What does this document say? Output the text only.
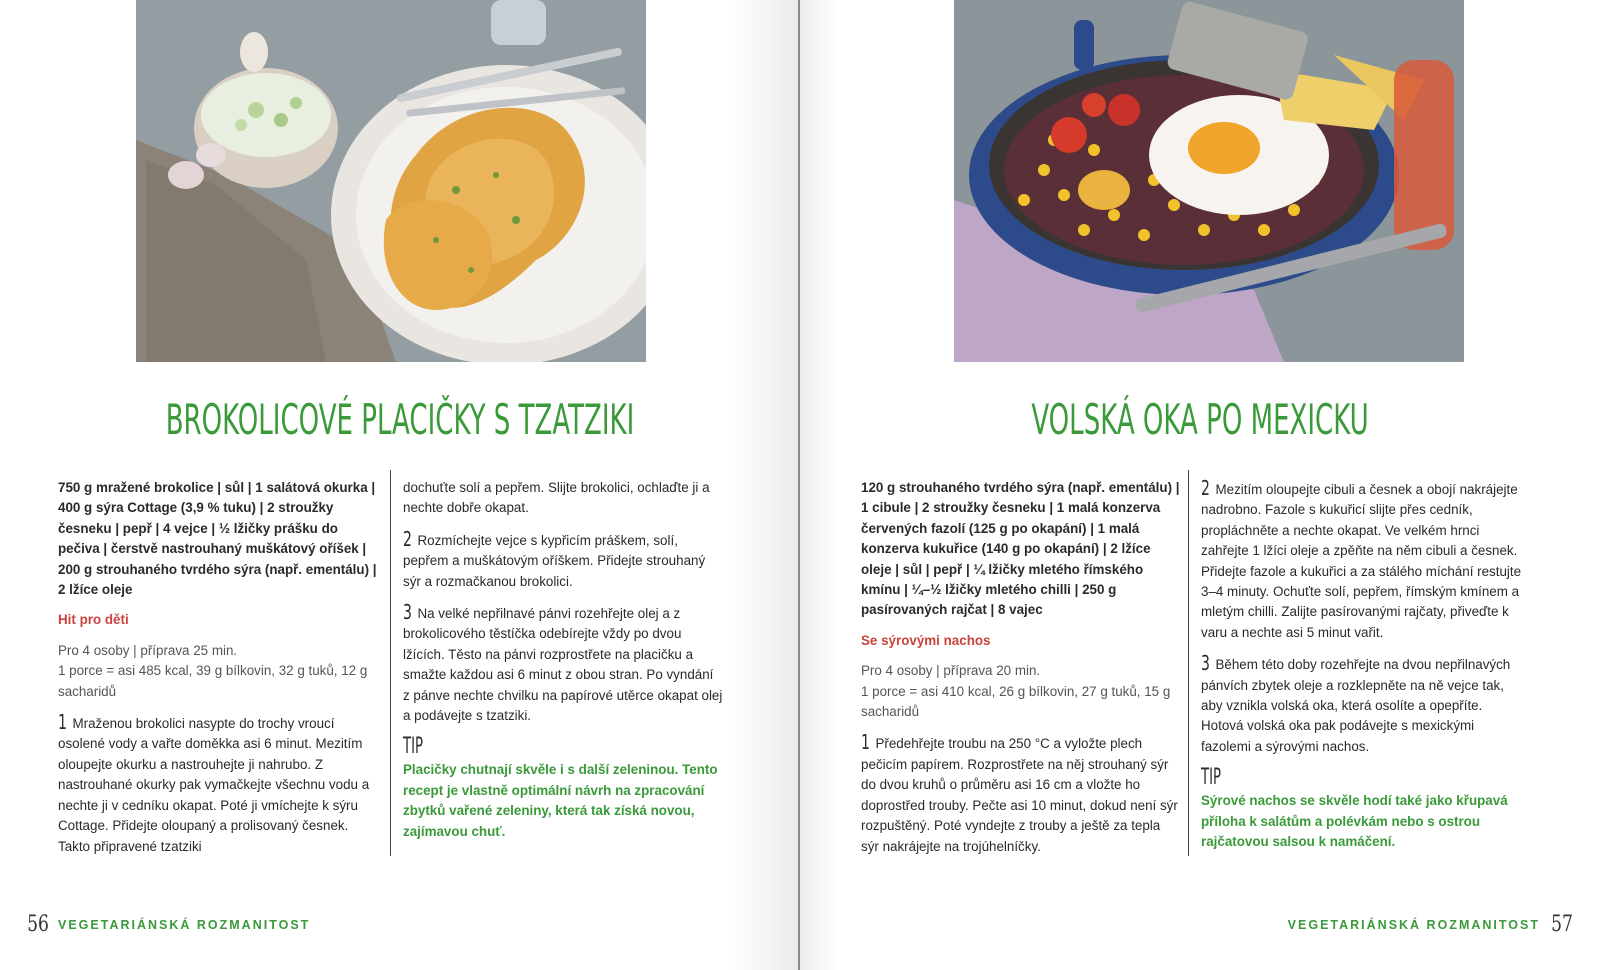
BROKOLICOVÉ PLACIČKY S TZATZIKI

750 g mražené brokolice | sůl | 1 salátová okurka | 400 g sýra Cottage (3,9 % tuku) | 2 stroužky česneku | pepř | 4 vejce | ½ lžičky prášku do pečiva | čerstvě nastrouhaný muškátový oříšek | 200 g strouhaného tvrdého sýra (např. ementálu) | 2 lžíce oleje

Hit pro děti

Pro 4 osoby | příprava 25 min.

1 porce = asi 485 kcal, 39 g bílkovin, 32 g tuků, 12 g sacharidů

1 Mraženou brokolici nasypte do trochy vroucí osolené vody a vařte doměkka asi 6 minut. Mezitím oloupejte okurku a nastrouhejte ji nahrubo. Z nastrouhané okurky pak vymačkejte všechnu vodu a nechte ji v cedníku okapat. Poté ji vmíchejte k sýru Cottage. Přidejte oloupaný a prolisovaný česnek. Takto připravené tzatziki

dochuťte solí a pepřem. Slijte brokolici, ochlaďte ji a nechte dobře okapat.

2 Rozmíchejte vejce s kypřicím práškem, solí, pepřem a muškátovým oříškem. Přidejte strouhaný sýr a rozmačkanou brokolici.

3 Na velké nepřilnavé pánvi rozehřejte olej a z brokolicového těstíčka odebírejte vždy po dvou lžících. Těsto na pánvi rozprostřete na placičku a smažte každou asi 6 minut z obou stran. Po vyndání z pánve nechte chvilku na papírové utěrce okapat olej a podávejte s tzatziki.

TIP

Placičky chutnají skvěle i s další zeleninou. Tento recept je vlastně optimální návrh na zpracování zbytků vařené zeleniny, která tak získá novou, zajímavou chuť.

56 VEGETARIÁNSKÁ ROZMANITOST
VOLSKÁ OKA PO MEXICKU

120 g strouhaného tvrdého sýra (např. ementálu) | 1 cibule | 2 stroužky česneku | 1 malá konzerva červených fazolí (125 g po okapání) | 1 malá konzerva kukuřice (140 g po okapání) | 2 lžíce oleje | sůl | pepř | ¼ lžičky mletého římského kmínu | ¼–½ lžičky mletého chilli | 250 g pasírovaných rajčat | 8 vajec

Se sýrovými nachos

Pro 4 osoby | příprava 20 min.

1 porce = asi 410 kcal, 26 g bílkovin, 27 g tuků, 15 g sacharidů

1 Předehřejte troubu na 250 °C a vyložte plech pečicím papírem. Rozprostřete na něj strouhaný sýr do dvou kruhů o průměru asi 16 cm a vložte ho doprostřed trouby. Pečte asi 10 minut, dokud není sýr rozpuštěný. Poté vyndejte z trouby a ještě za tepla sýr nakrájejte na trojúhelníčky.

2 Mezitím oloupejte cibuli a česnek a obojí nakrájejte nadrobno. Fazole s kukuřicí slijte přes cedník, propláchněte a nechte okapat. Ve velkém hrnci zahřejte 1 lžíci oleje a zpěňte na něm cibuli a česnek. Přidejte fazole a kukuřici a za stálého míchání restujte 3–4 minuty. Ochuťte solí, pepřem, římským kmínem a mletým chilli. Zalijte pasírovanými rajčaty, přiveďte k varu a nechte asi 5 minut vařit.

3 Během této doby rozehřejte na dvou nepřilnavých pánvích zbytek oleje a rozklepněte na ně vejce tak, aby vznikla volská oka, která osolíte a opepříte. Hotová volská oka pak podávejte s mexickými fazolemi a sýrovými nachos.

TIP

Sýrové nachos se skvěle hodí také jako křupavá příloha k salátům a polévkám nebo s ostrou rajčatovou salsou k namáčení.

VEGETARIÁNSKÁ ROZMANITOST 57
